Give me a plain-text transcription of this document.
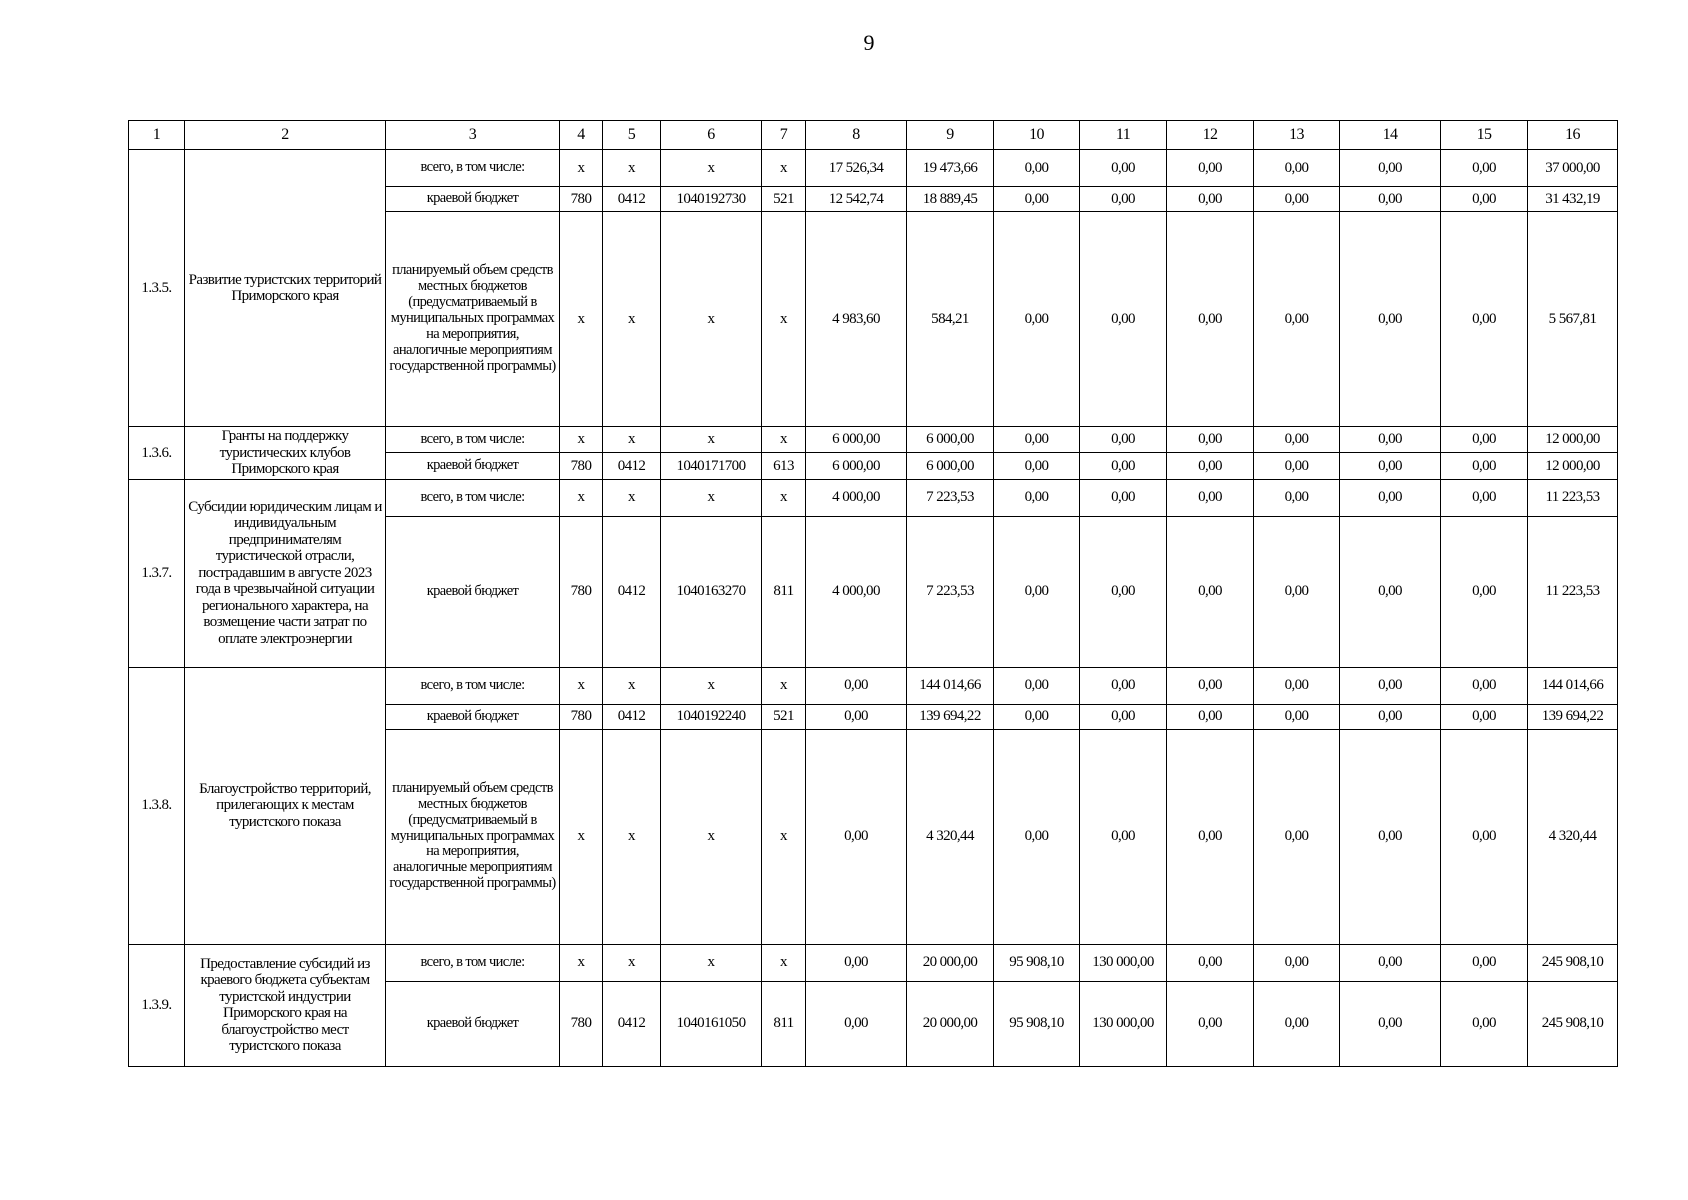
9
1	2	3	4	5	6	7	8	9	10	11	12	13	14	15	16
1.3.5.	Развитие туристских территорий Приморского края	всего, в том числе:	х	х	х	х	17 526,34	19 473,66	0,00	0,00	0,00	0,00	0,00	0,00	37 000,00
		краевой бюджет	780	0412	1040192730	521	12 542,74	18 889,45	0,00	0,00	0,00	0,00	0,00	0,00	31 432,19
		планируемый объем средств местных бюджетов (предусматриваемый в муниципальных программах на мероприятия, аналогичные мероприятиям государственной программы)	х	х	х	х	4 983,60	584,21	0,00	0,00	0,00	0,00	0,00	0,00	5 567,81
1.3.6.	Гранты на поддержку туристических клубов Приморского края	всего, в том числе:	х	х	х	х	6 000,00	6 000,00	0,00	0,00	0,00	0,00	0,00	0,00	12 000,00
		краевой бюджет	780	0412	1040171700	613	6 000,00	6 000,00	0,00	0,00	0,00	0,00	0,00	0,00	12 000,00
1.3.7.	Субсидии юридическим лицам и индивидуальным предпринимателям туристической отрасли, пострадавшим в августе 2023 года в чрезвычайной ситуации регионального характера, на возмещение части затрат по оплате электроэнергии	всего, в том числе:	х	х	х	х	4 000,00	7 223,53	0,00	0,00	0,00	0,00	0,00	0,00	11 223,53
		краевой бюджет	780	0412	1040163270	811	4 000,00	7 223,53	0,00	0,00	0,00	0,00	0,00	0,00	11 223,53
1.3.8.	Благоустройство территорий, прилегающих к местам туристского показа	всего, в том числе:	х	х	х	х	0,00	144 014,66	0,00	0,00	0,00	0,00	0,00	0,00	144 014,66
		краевой бюджет	780	0412	1040192240	521	0,00	139 694,22	0,00	0,00	0,00	0,00	0,00	0,00	139 694,22
		планируемый объем средств местных бюджетов (предусматриваемый в муниципальных программах на мероприятия, аналогичные мероприятиям государственной программы)	х	х	х	х	0,00	4 320,44	0,00	0,00	0,00	0,00	0,00	0,00	4 320,44
1.3.9.	Предоставление субсидий из краевого бюджета субъектам туристской индустрии Приморского края на благоустройство мест туристского показа	всего, в том числе:	х	х	х	х	0,00	20 000,00	95 908,10	130 000,00	0,00	0,00	0,00	0,00	245 908,10
		краевой бюджет	780	0412	1040161050	811	0,00	20 000,00	95 908,10	130 000,00	0,00	0,00	0,00	0,00	245 908,10
